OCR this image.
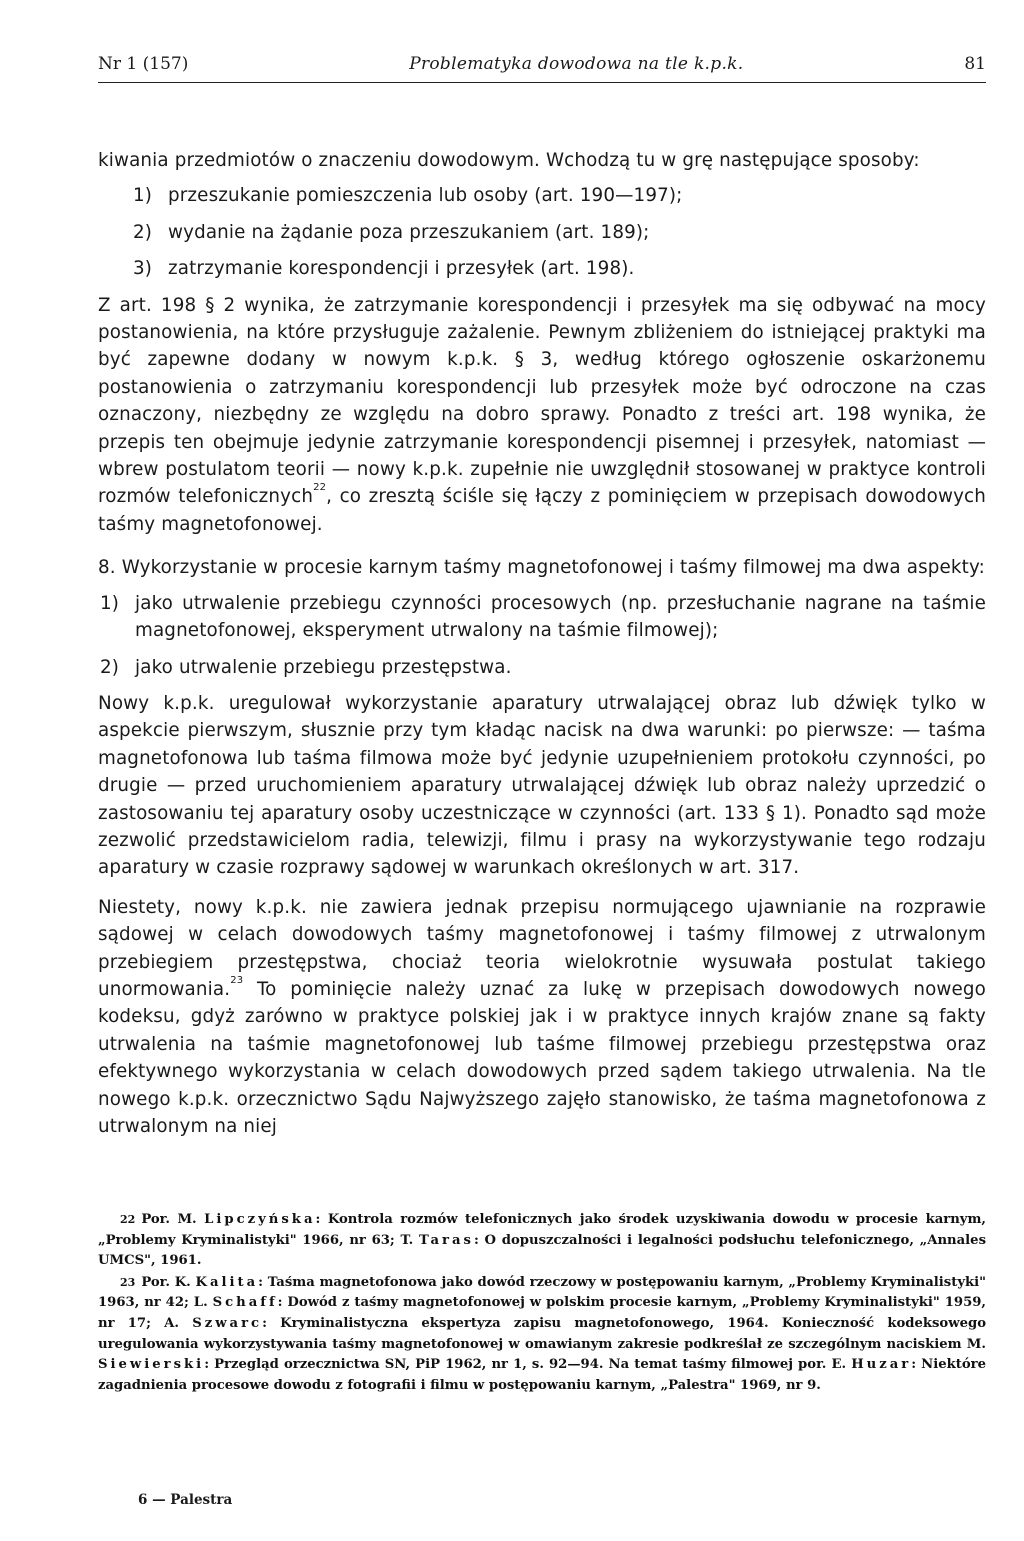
Nr 1 (157)	Problematyka dowodowa na tle k.p.k.	81

kiwania przedmiotów o znaczeniu dowodowym. Wchodzą tu w grę następujące sposoby:

1) przeszukanie pomieszczenia lub osoby (art. 190—197);
2) wydanie na żądanie poza przeszukaniem (art. 189);
3) zatrzymanie korespondencji i przesyłek (art. 198).

Z art. 198 § 2 wynika, że zatrzymanie korespondencji i przesyłek ma się odbywać na mocy postanowienia, na które przysługuje zażalenie. Pewnym zbliżeniem do istniejącej praktyki ma być zapewne dodany w nowym k.p.k. § 3, według którego ogłoszenie oskarżonemu postanowienia o zatrzymaniu korespondencji lub przesyłek może być odroczone na czas oznaczony, niezbędny ze względu na dobro sprawy. Ponadto z treści art. 198 wynika, że przepis ten obejmuje jedynie zatrzymanie korespondencji pisemnej i przesyłek, natomiast — wbrew postulatom teorii — nowy k.p.k. zupełnie nie uwzględnił stosowanej w praktyce kontroli rozmów telefonicznych$^{22}$, co zresztą ściśle się łączy z pominięciem w przepisach dowodowych taśmy magnetofonowej.

8. Wykorzystanie w procesie karnym taśmy magnetofonowej i taśmy filmowej ma dwa aspekty:

1) jako utrwalenie przebiegu czynności procesowych (np. przesłuchanie nagrane na taśmie magnetofonowej, eksperyment utrwalony na taśmie filmowej);
2) jako utrwalenie przebiegu przestępstwa.

Nowy k.p.k. uregulował wykorzystanie aparatury utrwalającej obraz lub dźwięk tylko w aspekcie pierwszym, słusznie przy tym kładąc nacisk na dwa warunki: po pierwsze: — taśma magnetofonowa lub taśma filmowa może być jedynie uzupełnieniem protokołu czynności, po drugie — przed uruchomieniem aparatury utrwalającej dźwięk lub obraz należy uprzedzić o zastosowaniu tej aparatury osoby uczestniczące w czynności (art. 133 § 1). Ponadto sąd może zezwolić przedstawicielom radia, telewizji, filmu i prasy na wykorzystywanie tego rodzaju aparatury w czasie rozprawy sądowej w warunkach określonych w art. 317.

Niestety, nowy k.p.k. nie zawiera jednak przepisu normującego ujawnianie na rozprawie sądowej w celach dowodowych taśmy magnetofonowej i taśmy filmowej z utrwalonym przebiegiem przestępstwa, chociaż teoria wielokrotnie wysuwała postulat takiego unormowania.$^{23}$ To pominięcie należy uznać za lukę w przepisach dowodowych nowego kodeksu, gdyż zarówno w praktyce polskiej jak i w praktyce innych krajów znane są fakty utrwalenia na taśmie magnetofonowej lub taśme filmowej przebiegu przestępstwa oraz efektywnego wykorzystania w celach dowodowych przed sądem takiego utrwalenia. Na tle nowego k.p.k. orzecznictwo Sądu Najwyższego zajęło stanowisko, że taśma magnetofonowa z utrwalonym na niej

22 Por. M. Lipczyńska: Kontrola rozmów telefonicznych jako środek uzyskiwania dowodu w procesie karnym, „Problemy Kryminalistyki" 1966, nr 63; T. Taras: O dopuszczalności i legalności podsłuchu telefonicznego, „Annales UMCS", 1961.

23 Por. K. Kalita: Taśma magnetofonowa jako dowód rzeczowy w postępowaniu karnym, „Problemy Kryminalistyki" 1963, nr 42; L. Schaff: Dowód z taśmy magnetofonowej w polskim procesie karnym, „Problemy Kryminalistyki" 1959, nr 17; A. Szwarc: Kryminalistyczna ekspertyza zapisu magnetofonowego, 1964. Konieczność kodeksowego uregulowania wykorzystywania taśmy magnetofonowej w omawianym zakresie podkreślał ze szczególnym naciskiem M. Siewierski: Przegląd orzecznictwa SN, PiP 1962, nr 1, s. 92—94. Na temat taśmy filmowej por. E. Huzar: Niektóre zagadnienia procesowe dowodu z fotografii i filmu w postępowaniu karnym, „Palestra" 1969, nr 9.

6 — Palestra
